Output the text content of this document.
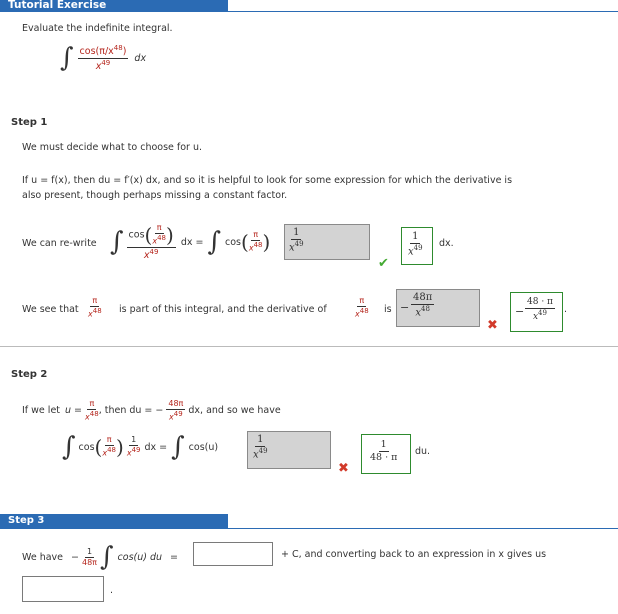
Tutorial Exercise
Evaluate the indefinite integral.
∫ $\frac{\cos(\pi/x^{48})}{x^{49}}$ dx
Step 1
We must decide what to choose for u.
If u = f(x), then du = f′(x) dx, and so it is helpful to look for some expression for which the derivative is
also present, though perhaps missing a constant factor.
We can re-write ∫ $\frac{\cos( \frac{\pi}{x48} )}{x^{49}}$ dx = ∫ cos ( $\frac{\pi}{x48}$ ) $\frac{1}{x^{49}}$
✔
$\frac{1}{x^{49}}$ dx.
We see that $\frac{\pi}{x48}$ is part of this integral, and the derivative of	$\frac{\pi}{x48}$ is − $\frac{48\pi}{x^{48}}$
✖
− $\frac{48 \cdot \pi}{x^{49}}$ .
Step 2
If we let $u = \frac{\pi}{x48}$ , then du = − $\frac{48\pi}{x49}$ dx, and so we have
∫ cos ( $\frac{\pi}{x48}$ ) $\frac{1}{x49}$ dx = ∫ cos(u)	$\frac{1}{x^{49}}$
✖
$\frac{1}{48 \cdot \pi}$ du.
Step 3
We have − $\frac{1}{48\pi}$ ∫ cos(u) du =	+ C, and converting back to an expression in x gives us
.
